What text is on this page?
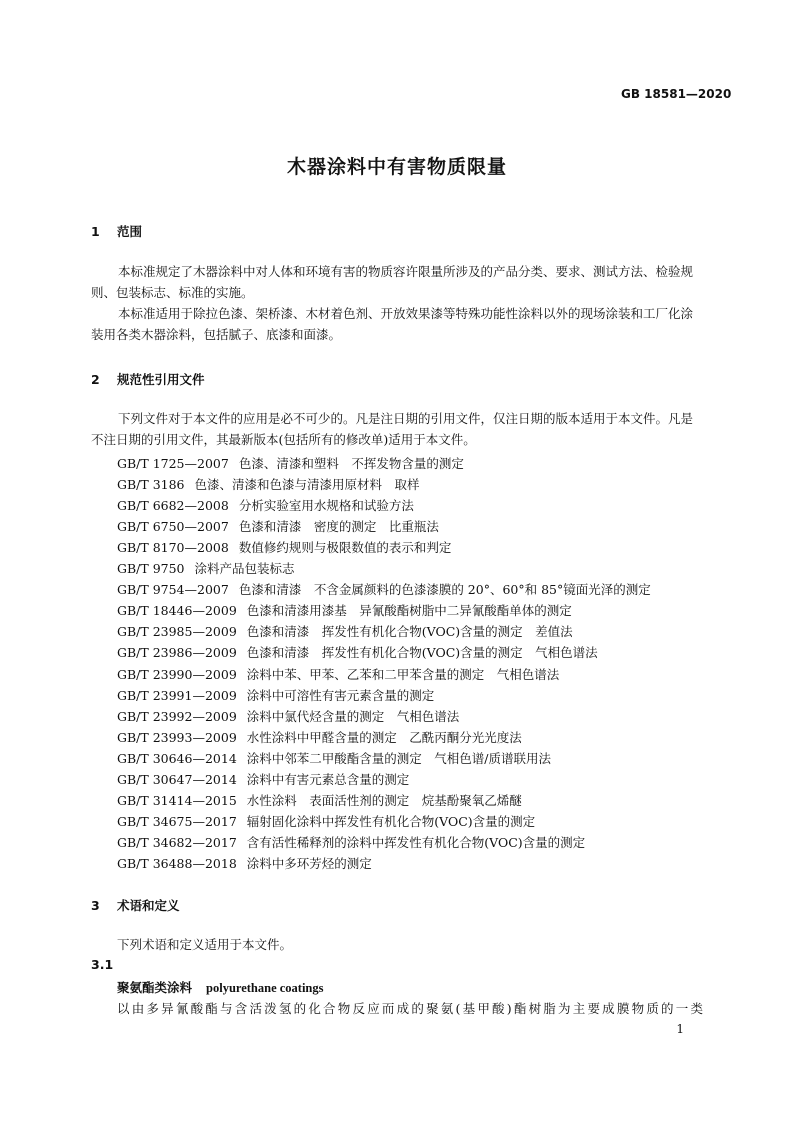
GB 18581—2020
木器涂料中有害物质限量
1 范围
本标准规定了木器涂料中对人体和环境有害的物质容许限量所涉及的产品分类、要求、测试方法、检验规则、包装标志、标准的实施。
本标准适用于除拉色漆、架桥漆、木材着色剂、开放效果漆等特殊功能性涂料以外的现场涂装和工厂化涂装用各类木器涂料，包括腻子、底漆和面漆。
2 规范性引用文件
下列文件对于本文件的应用是必不可少的。凡是注日期的引用文件，仅注日期的版本适用于本文件。凡是不注日期的引用文件，其最新版本(包括所有的修改单)适用于本文件。
GB/T 1725—2007 色漆、清漆和塑料　不挥发物含量的测定
GB/T 3186 色漆、清漆和色漆与清漆用原材料　取样
GB/T 6682—2008 分析实验室用水规格和试验方法
GB/T 6750—2007 色漆和清漆　密度的测定　比重瓶法
GB/T 8170—2008 数值修约规则与极限数值的表示和判定
GB/T 9750 涂料产品包装标志
GB/T 9754—2007 色漆和清漆　不含金属颜料的色漆漆膜的 20°、60°和 85°镜面光泽的测定
GB/T 18446—2009 色漆和清漆用漆基　异氰酸酯树脂中二异氰酸酯单体的测定
GB/T 23985—2009 色漆和清漆　挥发性有机化合物(VOC)含量的测定　差值法
GB/T 23986—2009 色漆和清漆　挥发性有机化合物(VOC)含量的测定　气相色谱法
GB/T 23990—2009 涂料中苯、甲苯、乙苯和二甲苯含量的测定　气相色谱法
GB/T 23991—2009 涂料中可溶性有害元素含量的测定
GB/T 23992—2009 涂料中氯代烃含量的测定　气相色谱法
GB/T 23993—2009 水性涂料中甲醛含量的测定　乙酰丙酮分光光度法
GB/T 30646—2014 涂料中邻苯二甲酸酯含量的测定　气相色谱/质谱联用法
GB/T 30647—2014 涂料中有害元素总含量的测定
GB/T 31414—2015 水性涂料　表面活性剂的测定　烷基酚聚氧乙烯醚
GB/T 34675—2017 辐射固化涂料中挥发性有机化合物(VOC)含量的测定
GB/T 34682—2017 含有活性稀释剂的涂料中挥发性有机化合物(VOC)含量的测定
GB/T 36488—2018 涂料中多环芳烃的测定
3 术语和定义
下列术语和定义适用于本文件。
3.1
聚氨酯类涂料 polyurethane coatings
以由多异氰酸酯与含活泼氢的化合物反应而成的聚氨(基甲酸)酯树脂为主要成膜物质的一类
1
